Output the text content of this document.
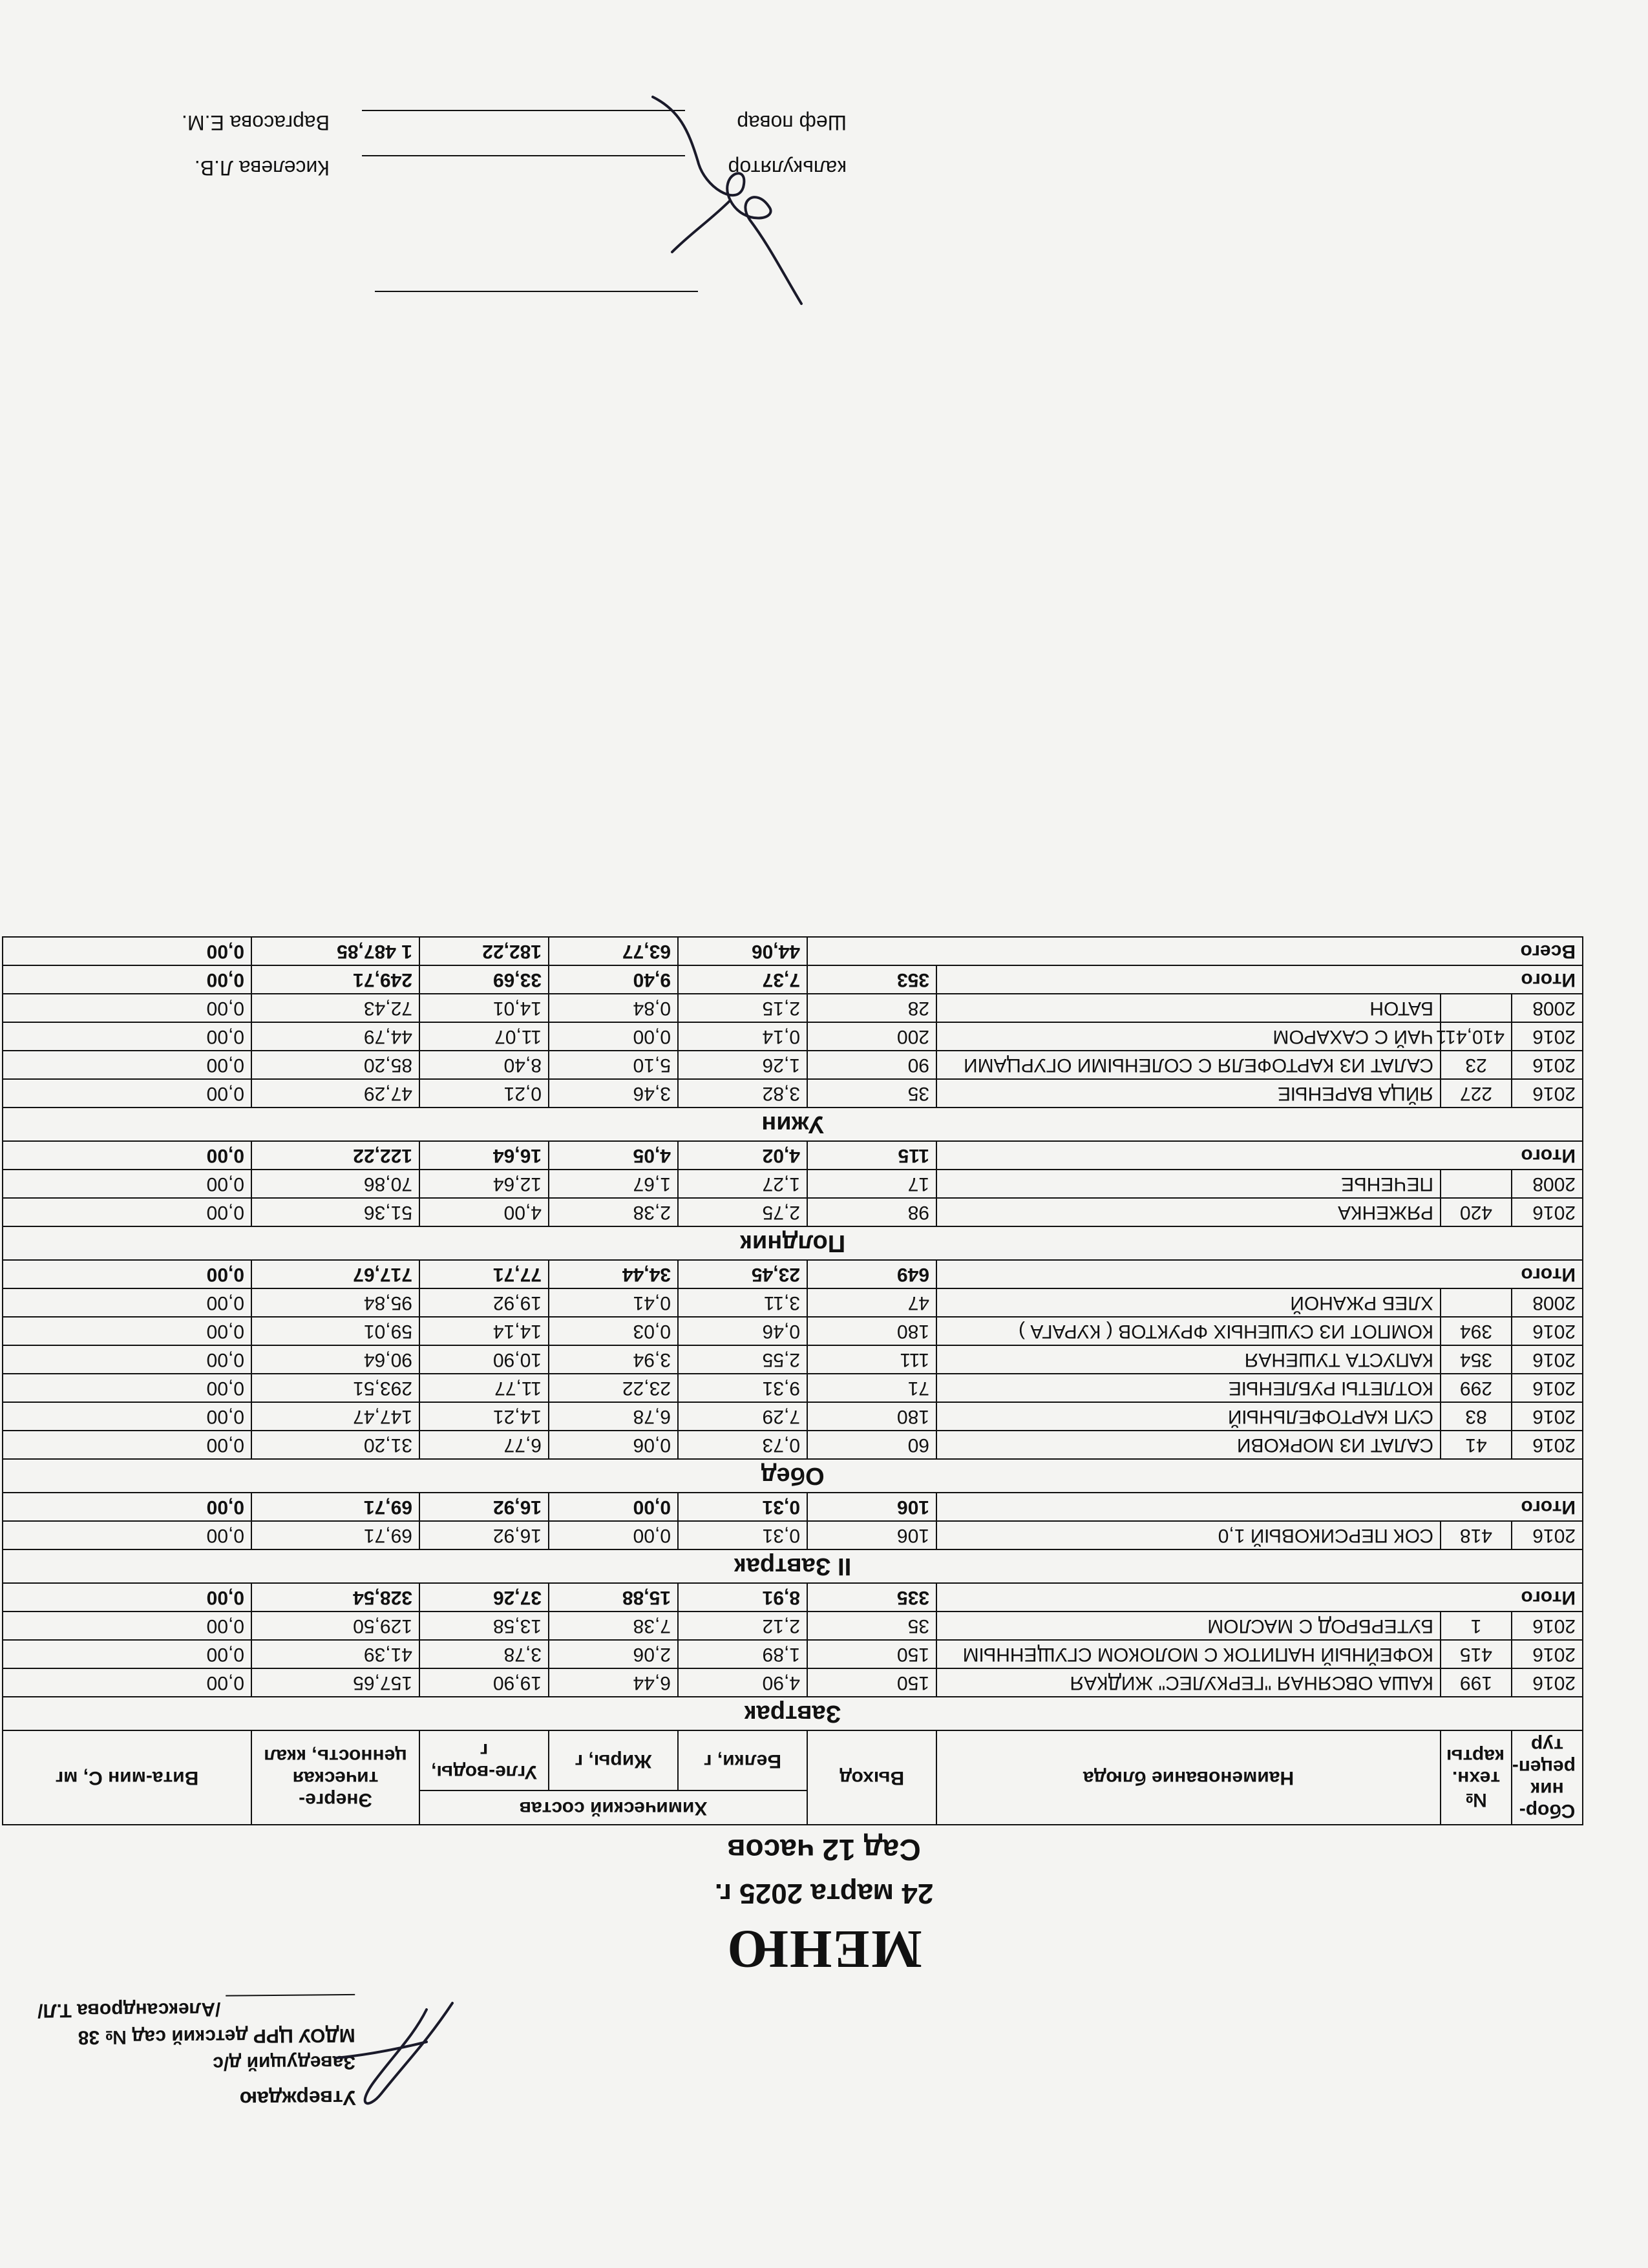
Утверждаю
Заведущий д/с
МДОУ ЦРР детский сад № 38
/Александрова Т.Л/
МЕНЮ
24 марта 2025 г.
Сад 12 часов
Сбор-ник рецеп-тур	№ техн. карты	Наименование блюда	Выход	Химический состав			Энерге-тическая ценность, ккал	Вита-мин С, мг
				Белки, г	Жиры, г	Угле-воды, г		
Завтрак								
2016	199	КАША ОВСЯНАЯ "ГЕРКУЛЕС" ЖИДКАЯ	150	4,90	6,44	19,90	157,65	0,00
2016	415	КОФЕЙНЫЙ НАПИТОК С МОЛОКОМ СГУЩЕННЫМ	150	1,89	2,06	3,78	41,39	0,00
2016	1	БУТЕРБРОД С МАСЛОМ	35	2,12	7,38	13,58	129,50	0,00
Итого			335	8,91	15,88	37,26	328,54	0,00
II Завтрак								
2016	418	СОК ПЕРСИКОВЫЙ 1,0	106	0,31	0,00	16,92	69,71	0,00
Итого			106	0,31	0,00	16,92	69,71	0,00
Обед								
2016	41	САЛАТ ИЗ МОРКОВИ	60	0,73	0,06	6,77	31,20	0,00
2016	83	СУП КАРТОФЕЛЬНЫЙ	180	7,29	6,78	14,21	147,47	0,00
2016	299	КОТЛЕТЫ РУБЛЕНЫЕ	71	9,31	23,22	11,77	293,51	0,00
2016	354	КАПУСТА ТУШЕНАЯ	111	2,55	3,94	10,90	90,64	0,00
2016	394	КОМПОТ ИЗ СУШЕНЫХ ФРУКТОВ ( КУРАГА )	180	0,46	0,03	14,14	59,01	0,00
2008		ХЛЕБ РЖАНОЙ	47	3,11	0,41	19,92	95,84	0,00
Итого			649	23,45	34,44	77,71	717,67	0,00
Полдник								
2016	420	РЯЖЕНКА	98	2,75	2,38	4,00	51,36	0,00
2008		ПЕЧЕНЬЕ	17	1,27	1,67	12,64	70,86	0,00
Итого			115	4,02	4,05	16,64	122,22	0,00
Ужин								
2016	227	ЯЙЦА ВАРЕНЫЕ	35	3,82	3,46	0,21	47,29	0,00
2016	23	САЛАТ ИЗ КАРТОФЕЛЯ С СОЛЕНЫМИ ОГУРЦАМИ	90	1,26	5,10	8,40	85,20	0,00
2016	410,411	ЧАЙ С САХАРОМ	200	0,14	0,00	11,07	44,79	0,00
2008		БАТОН	28	2,15	0,84	14,01	72,43	0,00
Итого			353	7,37	9,40	33,69	249,71	0,00
Всего				44,06	63,77	182,22	1 487,85	0,00
калькуляторКиселева Л.В.
Шеф поварВаргасова Е.М.
